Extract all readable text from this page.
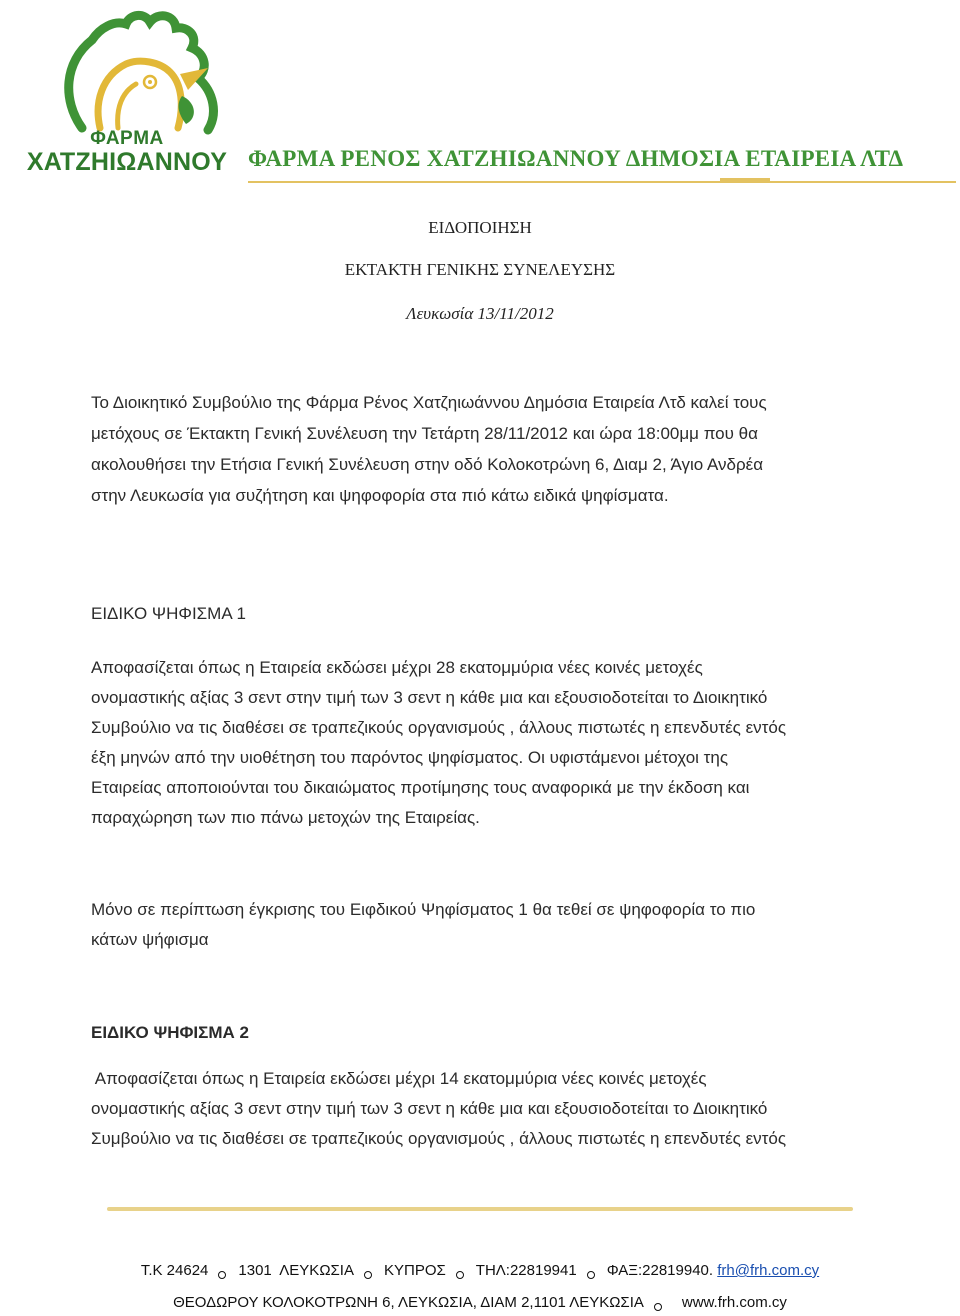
ΦΑΡΜΑ
ΧΑΤΖΗΙΩΑΝΝΟΥ ΦΑΡΜΑ ΡΕΝΟΣ ΧΑΤΖΗΙΩΑΝΝΟΥ ΔΗΜΟΣΙΑ ΕΤΑΙΡΕΙΑ ΛΤΔ
ΕΙΔΟΠΟΙΗΣΗ
ΕΚΤΑΚΤΗ ΓΕΝΙΚΗΣ ΣΥΝΕΛΕΥΣΗΣ
Λευκωσία 13/11/2012
Το Διοικητικό Συμβούλιο της Φάρμα Ρένος Χατζηιωάννου Δημόσια Εταιρεία Λτδ καλεί τους
μετόχους σε Έκτακτη Γενική Συνέλευση την Τετάρτη 28/11/2012 και ώρα 18:00μμ που θα
ακολουθήσει την Ετήσια Γενική Συνέλευση στην οδό Κολοκοτρώνη 6, Διαμ 2, Άγιο Ανδρέα
στην Λευκωσία για συζήτηση και ψηφοφορία στα πιό κάτω ειδικά ψηφίσματα.
ΕΙΔΙΚΟ ΨΗΦΙΣΜΑ 1
Αποφασίζεται όπως η Εταιρεία εκδώσει μέχρι 28 εκατομμύρια νέες κοινές μετοχές
ονομαστικής αξίας 3 σεντ στην τιμή των 3 σεντ η κάθε μια και εξουσιοδοτείται το Διοικητικό
Συμβούλιο να τις διαθέσει σε τραπεζικούς οργανισμούς , άλλους πιστωτές η επενδυτές εντός
έξη μηνών από την υιοθέτηση του παρόντος ψηφίσματος. Οι υφιστάμενοι μέτοχοι της
Εταιρείας αποποιούνται του δικαιώματος προτίμησης τους αναφορικά με την έκδοση και
παραχώρηση των πιο πάνω μετοχών της Εταιρείας.
Μόνο σε περίπτωση έγκρισης του Ειφδικού Ψηφίσματος 1 θα τεθεί σε ψηφοφορία το πιο
κάτων ψήφισμα
ΕΙΔΙΚΟ ΨΗΦΙΣΜΑ 2
Αποφασίζεται όπως η Εταιρεία εκδώσει μέχρι 14 εκατομμύρια νέες κοινές μετοχές
ονομαστικής αξίας 3 σεντ στην τιμή των 3 σεντ η κάθε μια και εξουσιοδοτείται το Διοικητικό
Συμβούλιο να τις διαθέσει σε τραπεζικούς οργανισμούς , άλλους πιστωτές η επενδυτές εντός
Τ.Κ 24624 1301  ΛΕΥΚΩΣΙΑ ΚΥΠΡΟΣ ΤΗΛ:22819941 ΦΑΞ:22819940. frh@frh.com.cy
ΘΕΟΔΩΡΟΥ ΚΟΛΟΚΟΤΡΩΝΗ 6, ΛΕΥΚΩΣΙΑ, ΔΙΑΜ 2,1101 ΛΕΥΚΩΣΙΑ	www.frh.com.cy
